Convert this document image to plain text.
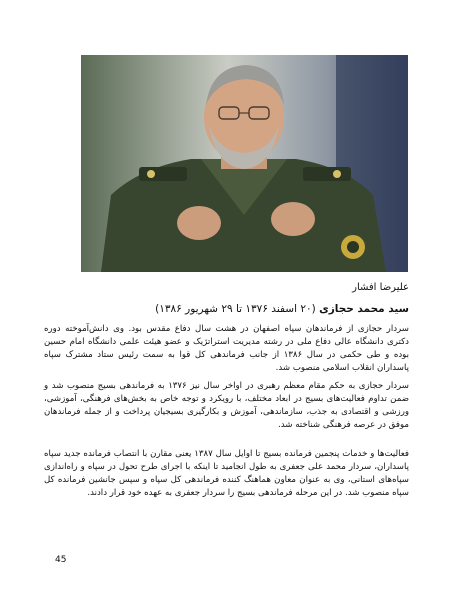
علیرضا افشار
سید محمد حجازی (۲۰ اسفند ۱۳۷۶ تا ۲۹ شهریور ۱۳۸۶)

سردار حجازی از فرماندهان سپاه اصفهان در هشت سال دفاع مقدس بود. وی دانش‌آموخته دوره دکتری دانشگاه عالی دفاع ملی در رشته مدیریت استراتژیک و عضو هیئت علمی دانشگاه امام حسین بوده و طی حکمی در سال ۱۳۸۶ از جانب فرماندهی کل قوا به سمت رئیس ستاد مشترک سپاه پاسداران انقلاب اسلامی منصوب شد.

سردار حجازی به حکم مقام معظم رهبری در اواخر سال نیز ۱۳۷۶ به فرماندهی بسیج منصوب شد و ضمن تداوم فعالیت‌های بسیج در ابعاد مختلف، با رویکرد و توجه خاص به بخش‌های فرهنگی، آموزشی، ورزشی و اقتصادی به جذب، سازماندهی، آموزش و بکارگیری بسیجیان پرداخت و از جمله فرماندهان موفق در عرصه فرهنگی شناخته شد.

فعالیت‌ها و خدمات پنجمین فرمانده بسیج تا اوایل سال ۱۳۸۷ یعنی مقارن با انتصاب فرمانده جدید سپاه پاسداران، سردار محمد علی جعفری به طول انجامید تا اینکه با اجرای طرح تحول در سپاه و راه‌اندازی سپاه‌های استانی، وی به عنوان معاون هماهنگ کننده فرماندهی کل سپاه و سپس جانشین فرمانده کل سپاه منصوب شد. در این مرحله فرماندهی بسیج را سردار جعفری به عهده خود قرار دادند.

45
